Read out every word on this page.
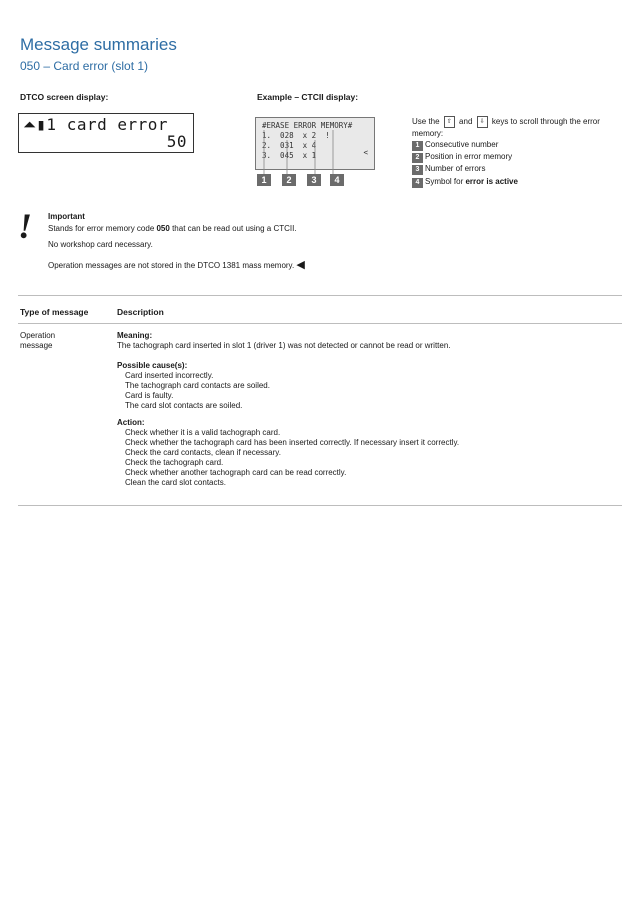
Message summaries
050 – Card error (slot 1)
DTCO screen display:	Example – CTCII display:
⏶▮1 card error
50
#ERASE ERROR MEMORY#
1.  028  x 2  !
2.  031  x 4
3.  045  x 1	<
1	2	3	4
Use the ⇧ and ⇩ keys to scroll through the error memory:
1 Consecutive number
2 Position in error memory
3 Number of errors
4 Symbol for error is active
! Important
Stands for error memory code 050 that can be read out using a CTCII.
No workshop card necessary.
Operation messages are not stored in the DTCO 1381 mass memory. ◀
Type of message	Description
Operation
message
Meaning:
The tachograph card inserted in slot 1 (driver 1) was not detected or cannot be read or written.
Possible cause(s):
Card inserted incorrectly.
The tachograph card contacts are soiled.
Card is faulty.
The card slot contacts are soiled.
Action:
Check whether it is a valid tachograph card.
Check whether the tachograph card has been inserted correctly. If necessary insert it correctly.
Check the card contacts, clean if necessary.
Check the tachograph card.
Check whether another tachograph card can be read correctly.
Clean the card slot contacts.
